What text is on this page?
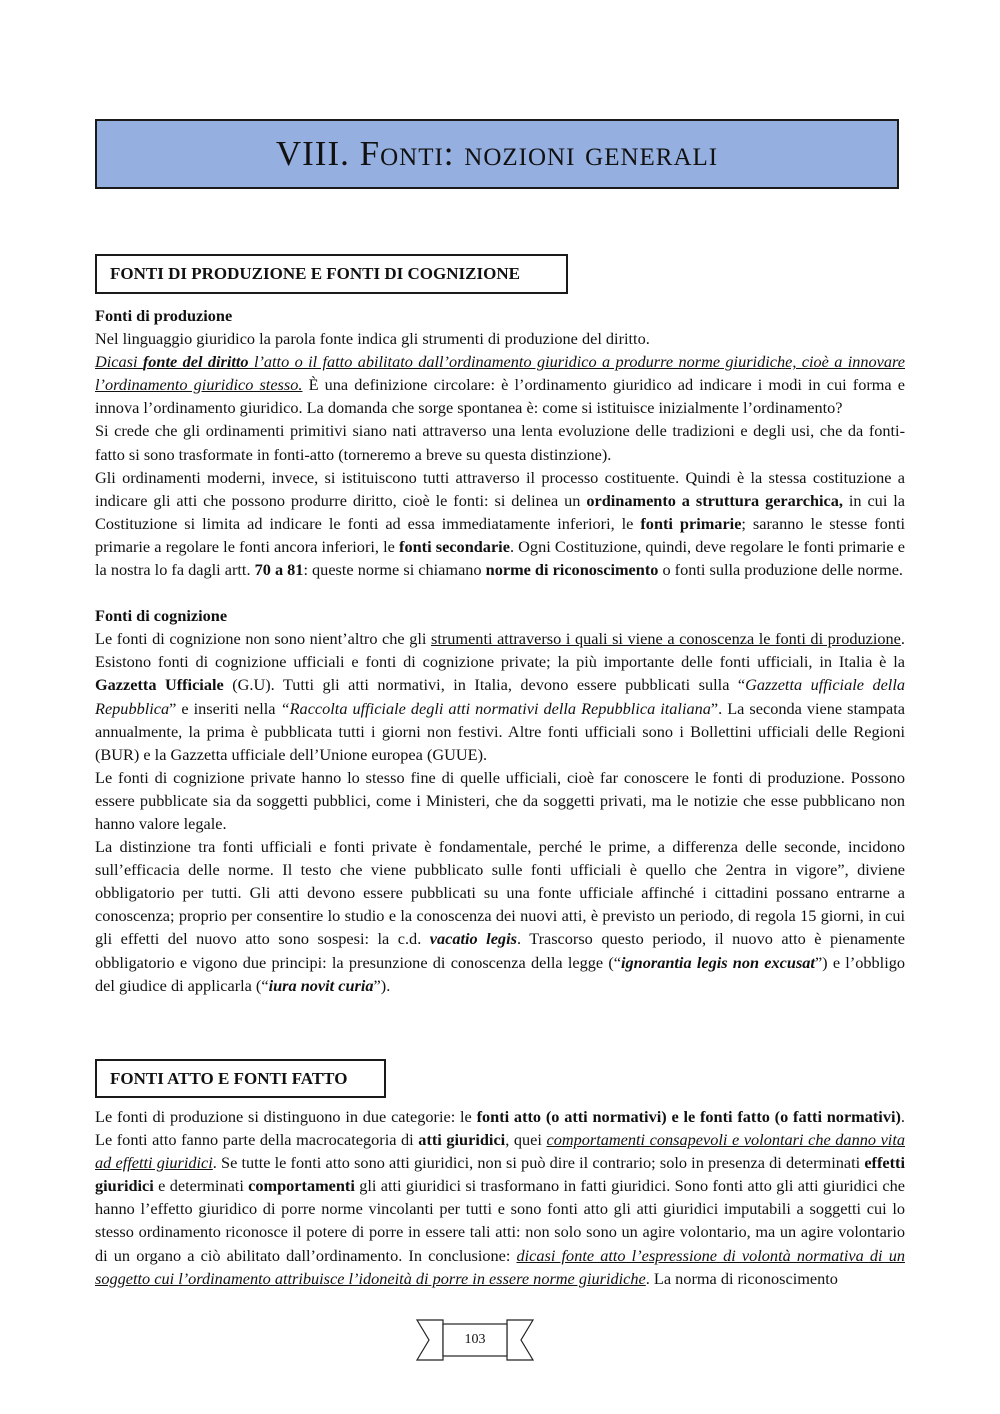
VIII. Fonti: nozioni generali
FONTI DI PRODUZIONE E FONTI DI COGNIZIONE

Fonti di produzione

Nel linguaggio giuridico la parola fonte indica gli strumenti di produzione del diritto.

Dicasi fonte del diritto l’atto o il fatto abilitato dall’ordinamento giuridico a produrre norme giuridiche, cioè a innovare l’ordinamento giuridico stesso. È una definizione circolare: è l’ordinamento giuridico ad indicare i modi in cui forma e innova l’ordinamento giuridico. La domanda che sorge spontanea è: come si istituisce inizialmente l’ordinamento?

Si crede che gli ordinamenti primitivi siano nati attraverso una lenta evoluzione delle tradizioni e degli usi, che da fonti-fatto si sono trasformate in fonti-atto (torneremo a breve su questa distinzione).

Gli ordinamenti moderni, invece, si istituiscono tutti attraverso il processo costituente. Quindi è la stessa costituzione a indicare gli atti che possono produrre diritto, cioè le fonti: si delinea un ordinamento a struttura gerarchica, in cui la Costituzione si limita ad indicare le fonti ad essa immediatamente inferiori, le fonti primarie; saranno le stesse fonti primarie a regolare le fonti ancora inferiori, le fonti secondarie. Ogni Costituzione, quindi, deve regolare le fonti primarie e la nostra lo fa dagli artt. 70 a 81: queste norme si chiamano norme di riconoscimento o fonti sulla produzione delle norme.

Fonti di cognizione

Le fonti di cognizione non sono nient’altro che gli strumenti attraverso i quali si viene a conoscenza le fonti di produzione. Esistono fonti di cognizione ufficiali e fonti di cognizione private; la più importante delle fonti ufficiali, in Italia è la Gazzetta Ufficiale (G.U). Tutti gli atti normativi, in Italia, devono essere pubblicati sulla “Gazzetta ufficiale della Repubblica” e inseriti nella “Raccolta ufficiale degli atti normativi della Repubblica italiana”. La seconda viene stampata annualmente, la prima è pubblicata tutti i giorni non festivi. Altre fonti ufficiali sono i Bollettini ufficiali delle Regioni (BUR) e la Gazzetta ufficiale dell’Unione europea (GUUE).

Le fonti di cognizione private hanno lo stesso fine di quelle ufficiali, cioè far conoscere le fonti di produzione. Possono essere pubblicate sia da soggetti pubblici, come i Ministeri, che da soggetti privati, ma le notizie che esse pubblicano non hanno valore legale.

La distinzione tra fonti ufficiali e fonti private è fondamentale, perché le prime, a differenza delle seconde, incidono sull’efficacia delle norme. Il testo che viene pubblicato sulle fonti ufficiali è quello che 2entra in vigore”, diviene obbligatorio per tutti. Gli atti devono essere pubblicati su una fonte ufficiale affinché i cittadini possano entrarne a conoscenza; proprio per consentire lo studio e la conoscenza dei nuovi atti, è previsto un periodo, di regola 15 giorni, in cui gli effetti del nuovo atto sono sospesi: la c.d. vacatio legis. Trascorso questo periodo, il nuovo atto è pienamente obbligatorio e vigono due principi: la presunzione di conoscenza della legge (“ignorantia legis non excusat”) e l’obbligo del giudice di applicarla (“iura novit curia”).

FONTI ATTO E FONTI FATTO

Le fonti di produzione si distinguono in due categorie: le fonti atto (o atti normativi) e le fonti fatto (o fatti normativi). Le fonti atto fanno parte della macrocategoria di atti giuridici, quei comportamenti consapevoli e volontari che danno vita ad effetti giuridici. Se tutte le fonti atto sono atti giuridici, non si può dire il contrario; solo in presenza di determinati effetti giuridici e determinati comportamenti gli atti giuridici si trasformano in fatti giuridici. Sono fonti atto gli atti giuridici che hanno l’effetto giuridico di porre norme vincolanti per tutti e sono fonti atto gli atti giuridici imputabili a soggetti cui lo stesso ordinamento riconosce il potere di porre in essere tali atti: non solo sono un agire volontario, ma un agire volontario di un organo a ciò abilitato dall’ordinamento. In conclusione: dicasi fonte atto l’espressione di volontà normativa di un soggetto cui l’ordinamento attribuisce l’idoneità di porre in essere norme giuridiche. La norma di riconoscimento

103
